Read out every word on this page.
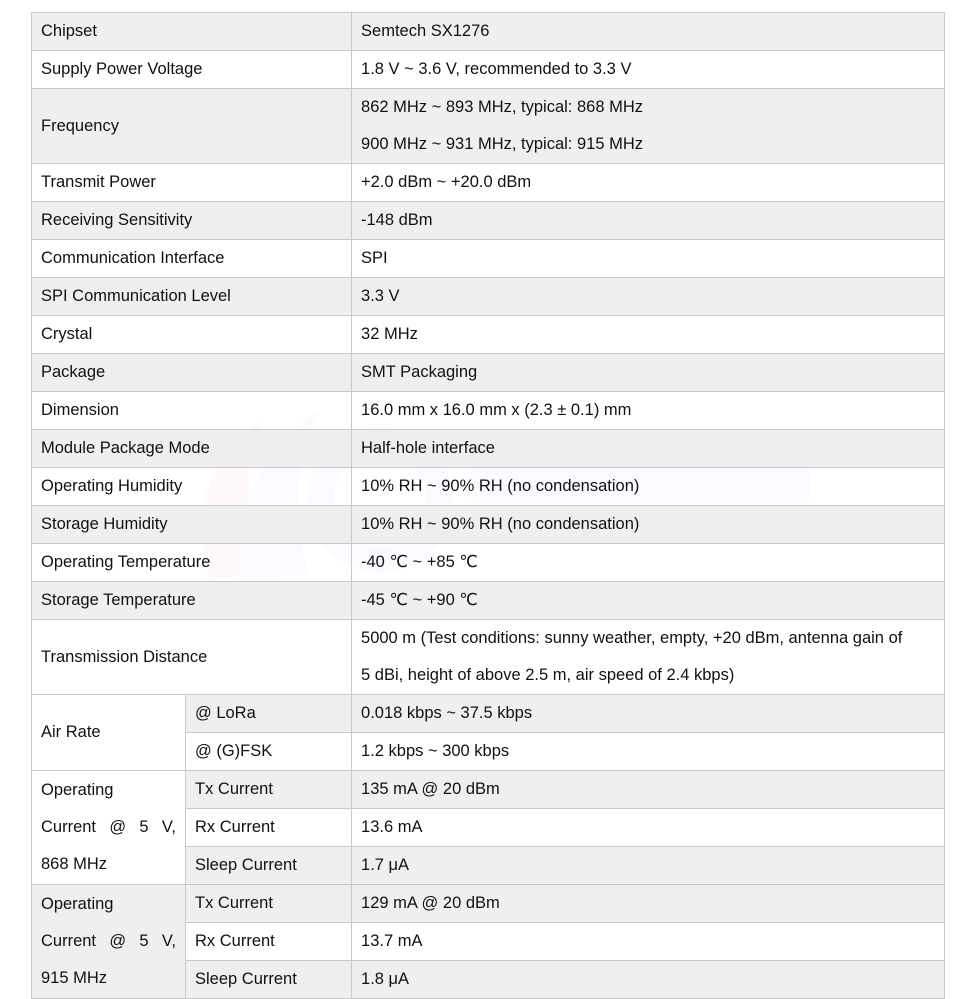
Chipset		Semtech SX1276
Supply Power Voltage		1.8 V ~ 3.6 V, recommended to 3.3 V
Frequency		862 MHz ~ 893 MHz, typical: 868 MHz
900 MHz ~ 931 MHz, typical: 915 MHz

Transmit Power		+2.0 dBm ~ +20.0 dBm
Receiving Sensitivity		-148 dBm
Communication Interface		SPI
SPI Communication Level		3.3 V
Crystal		32 MHz
Package		SMT Packaging
Dimension		16.0 mm x 16.0 mm x (2.3 ± 0.1) mm
Module Package Mode		Half-hole interface
Operating Humidity		10% RH ~ 90% RH (no condensation)
Storage Humidity		10% RH ~ 90% RH (no condensation)
Operating Temperature		-40 ℃ ~ +85 ℃
Storage Temperature		-45 ℃ ~ +90 ℃
Transmission Distance		5000 m (Test conditions: sunny weather, empty, +20 dBm, antenna gain of
5 dBi, height of above 2.5 m, air speed of 2.4 kbps)

Air Rate	@ LoRa	0.018 kbps ~ 37.5 kbps
	@ (G)FSK	1.2 kbps ~ 300 kbps

Operating
Current @ 5 V,
868 MHz	Tx Current	135 mA @ 20 dBm
	Rx Current	13.6 mA
	Sleep Current	1.7 μA

Operating
Current @ 5 V,
915 MHz	Tx Current	129 mA @ 20 dBm
	Rx Current	13.7 mA
	Sleep Current	1.8 μA
